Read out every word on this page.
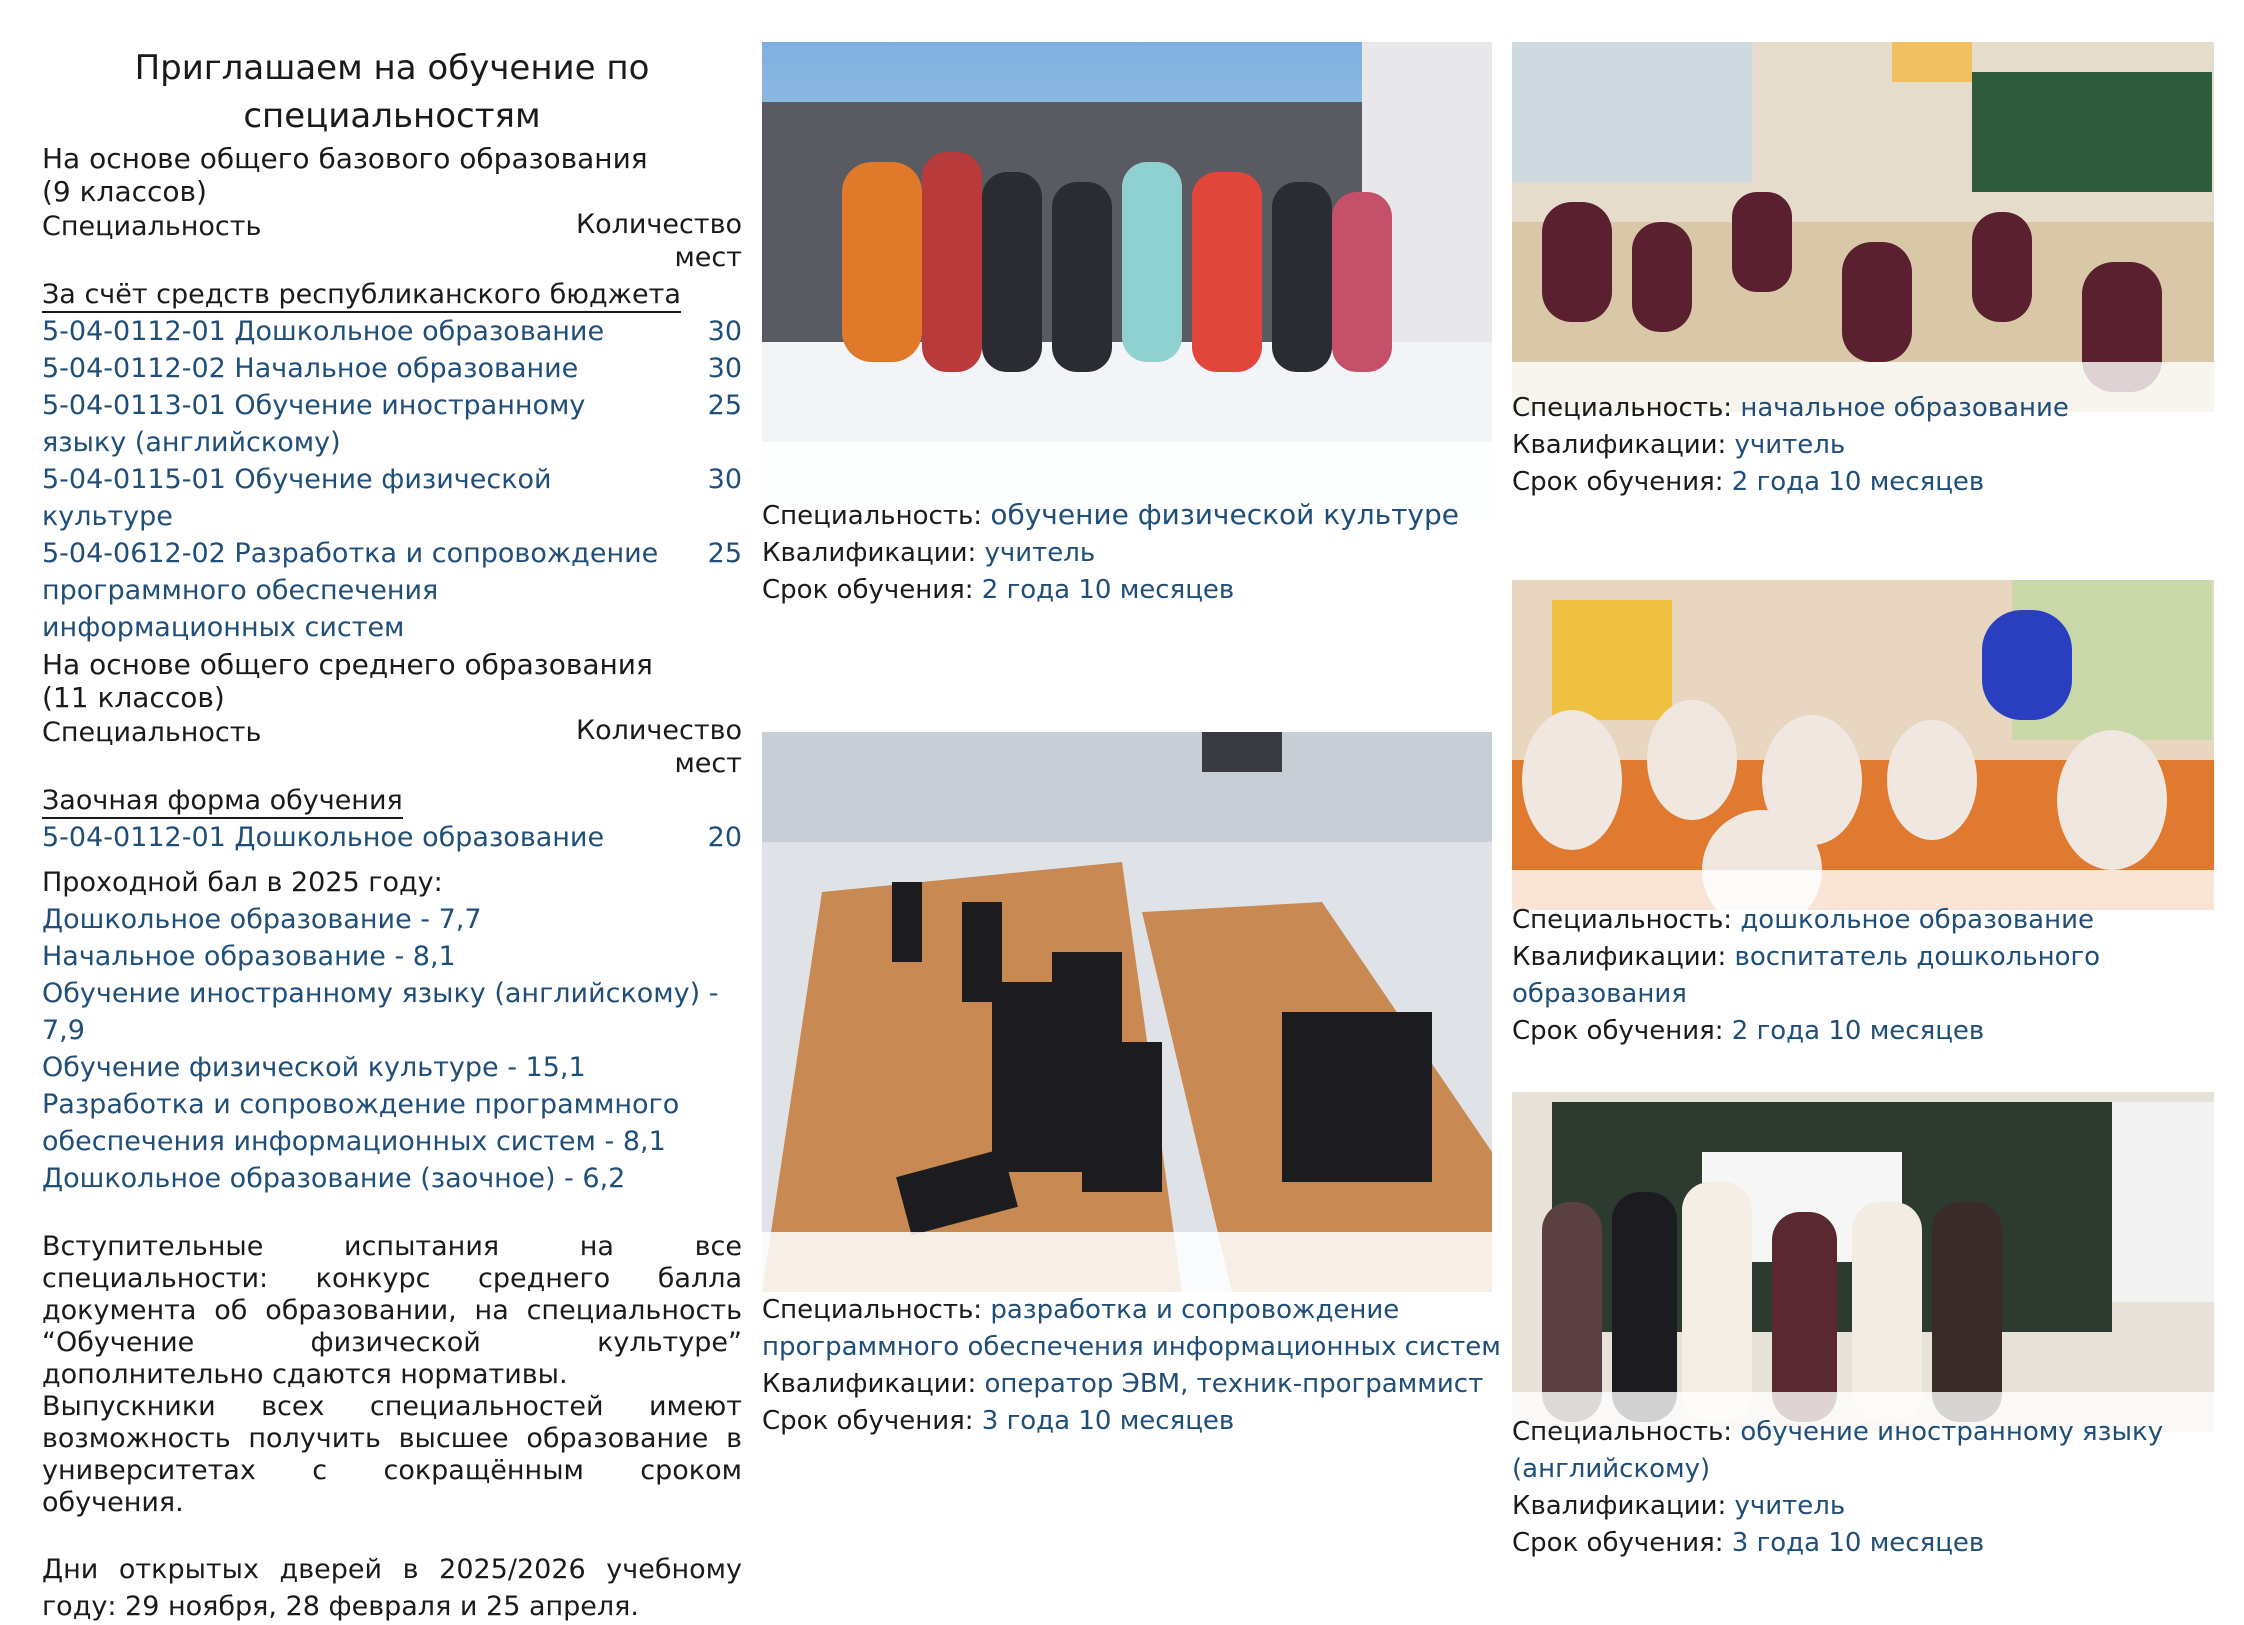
Приглашаем на обучение по специальностям
На основе общего базового образования
(9 классов)
Специальность	Количество
мест
За счёт средств республиканского бюджета
5-04-0112-01 Дошкольное образование	30
5-04-0112-02 Начальное образование	30
5-04-0113-01 Обучение иностранному языку (английскому)
25
5-04-0115-01 Обучение физической культуре
30
5-04-0612-02 Разработка и сопровождение программного обеспечения информационных систем
25
На основе общего среднего образования
(11 классов)
Специальность	Количество
мест
Заочная форма обучения
5-04-0112-01 Дошкольное образование	20
Проходной бал в 2025 году:
Дошкольное образование - 7,7
Начальное образование - 8,1
Обучение иностранному языку (английскому) - 7,9
Обучение физической культуре - 15,1
Разработка и сопровождение программного обеспечения информационных систем - 8,1
Дошкольное образование (заочное) - 6,2
Вступительные испытания на все специальности: конкурс среднего балла документа об образовании, на специальность “Обучение физической культуре” дополнительно сдаются нормативы.
Выпускники всех специальностей имеют возможность получить высшее образование в университетах с сокращённым сроком обучения.
Дни открытых дверей в 2025/2026 учебному году: 29 ноября, 28 февраля и 25 апреля.
Специальность: обучение физической культуре
Квалификации: учитель
Срок обучения: 2 года 10 месяцев
Специальность: начальное образование
Квалификации: учитель
Срок обучения: 2 года 10 месяцев
Специальность: разработка и сопровождение
программного обеспечения информационных систем
Квалификации: оператор ЭВМ, техник-программист
Срок обучения: 3 года 10 месяцев
Специальность: дошкольное образование
Квалификации: воспитатель дошкольного образования
Срок обучения: 2 года 10 месяцев
Специальность: обучение иностранному языку
(английскому)
Квалификации: учитель
Срок обучения: 3 года 10 месяцев
